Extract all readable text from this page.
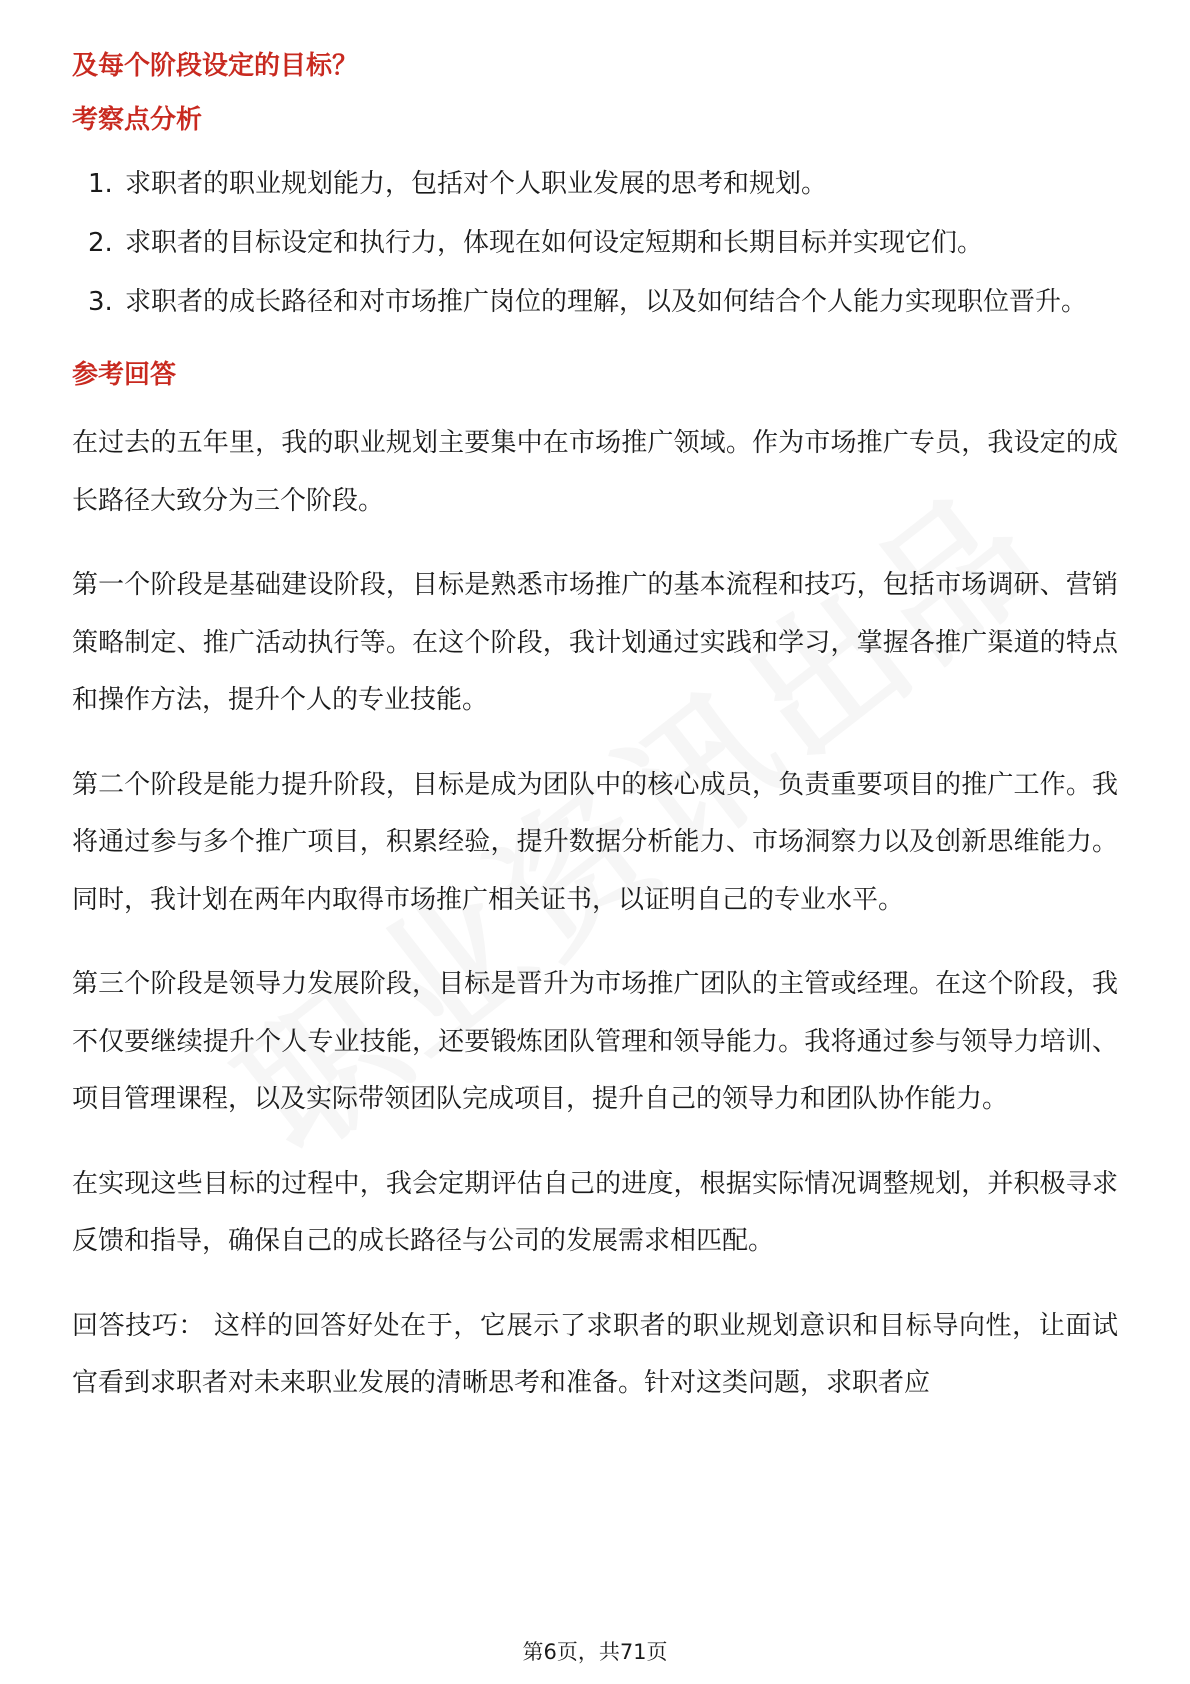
及每个阶段设定的目标？

考察点分析

1. 求职者的职业规划能力，包括对个人职业发展的思考和规划。
2. 求职者的目标设定和执行力，体现在如何设定短期和长期目标并实现它们。
3. 求职者的成长路径和对市场推广岗位的理解，以及如何结合个人能力实现职位晋升。

参考回答

在过去的五年里，我的职业规划主要集中在市场推广领域。作为市场推广专员，我设定的成长路径大致分为三个阶段。

第一个阶段是基础建设阶段，目标是熟悉市场推广的基本流程和技巧，包括市场调研、营销策略制定、推广活动执行等。在这个阶段，我计划通过实践和学习，掌握各推广渠道的特点和操作方法，提升个人的专业技能。

第二个阶段是能力提升阶段，目标是成为团队中的核心成员，负责重要项目的推广工作。我将通过参与多个推广项目，积累经验，提升数据分析能力、市场洞察力以及创新思维能力。同时，我计划在两年内取得市场推广相关证书，以证明自己的专业水平。

第三个阶段是领导力发展阶段，目标是晋升为市场推广团队的主管或经理。在这个阶段，我不仅要继续提升个人专业技能，还要锻炼团队管理和领导能力。我将通过参与领导力培训、项目管理课程，以及实际带领团队完成项目，提升自己的领导力和团队协作能力。

在实现这些目标的过程中，我会定期评估自己的进度，根据实际情况调整规划，并积极寻求反馈和指导，确保自己的成长路径与公司的发展需求相匹配。

回答技巧： 这样的回答好处在于，它展示了求职者的职业规划意识和目标导向性，让面试官看到求职者对未来职业发展的清晰思考和准备。针对这类问题，求职者应

第6页，共71页
